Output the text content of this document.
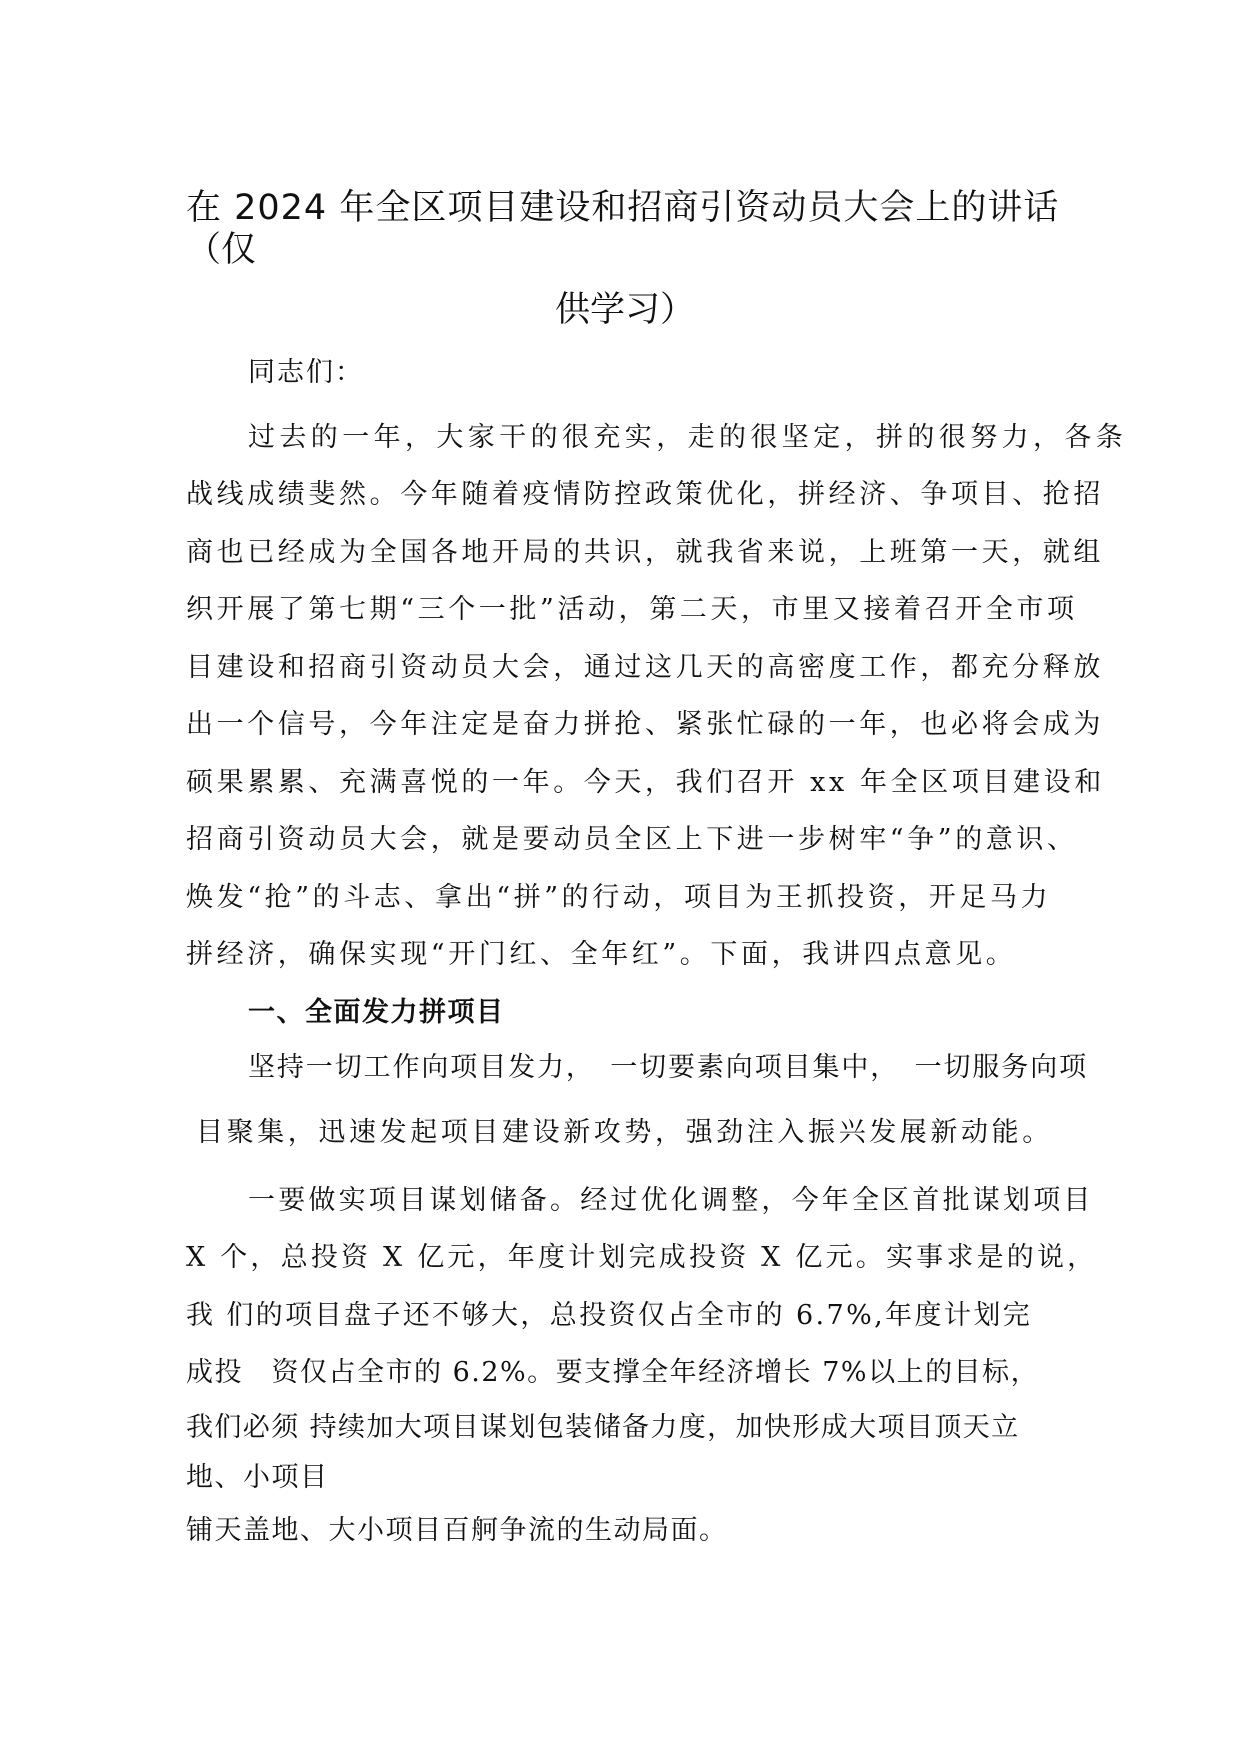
在 2024 年全区项目建设和招商引资动员大会上的讲话
（仅
供学习）
同志们：
过去的一年，大家干的很充实，走的很坚定，拼的很努力，各条
战线成绩斐然。今年随着疫情防控政策优化，拼经济、争项目、抢招
商也已经成为全国各地开局的共识，就我省来说，上班第一天，就组
织开展了第七期“三个一批”活动，第二天，市里又接着召开全市项
目建设和招商引资动员大会，通过这几天的高密度工作，都充分释放
出一个信号，今年注定是奋力拼抢、紧张忙碌的一年，也必将会成为
硕果累累、充满喜悦的一年。今天，我们召开 xx 年全区项目建设和
招商引资动员大会，就是要动员全区上下进一步树牢“争”的意识、
焕发“抢”的斗志、拿出“拼”的行动，项目为王抓投资，开足马力
拼经济，确保实现“开门红、全年红”。下面，我讲四点意见。
一、全面发力拼项目
坚持一切工作向项目发力，　一切要素向项目集中，　一切服务向项
目聚集，迅速发起项目建设新攻势，强劲注入振兴发展新动能。
一要做实项目谋划储备。经过优化调整，今年全区首批谋划项目
X 个，总投资 X 亿元，年度计划完成投资 X 亿元。实事求是的说，
我 们的项目盘子还不够大，总投资仅占全市的 6.7%,年度计划完
成投　资仅占全市的 6.2%。要支撑全年经济增长 7%以上的目标，
我们必须 持续加大项目谋划包装储备力度，加快形成大项目顶天立
地、小项目
铺天盖地、大小项目百舸争流的生动局面。
